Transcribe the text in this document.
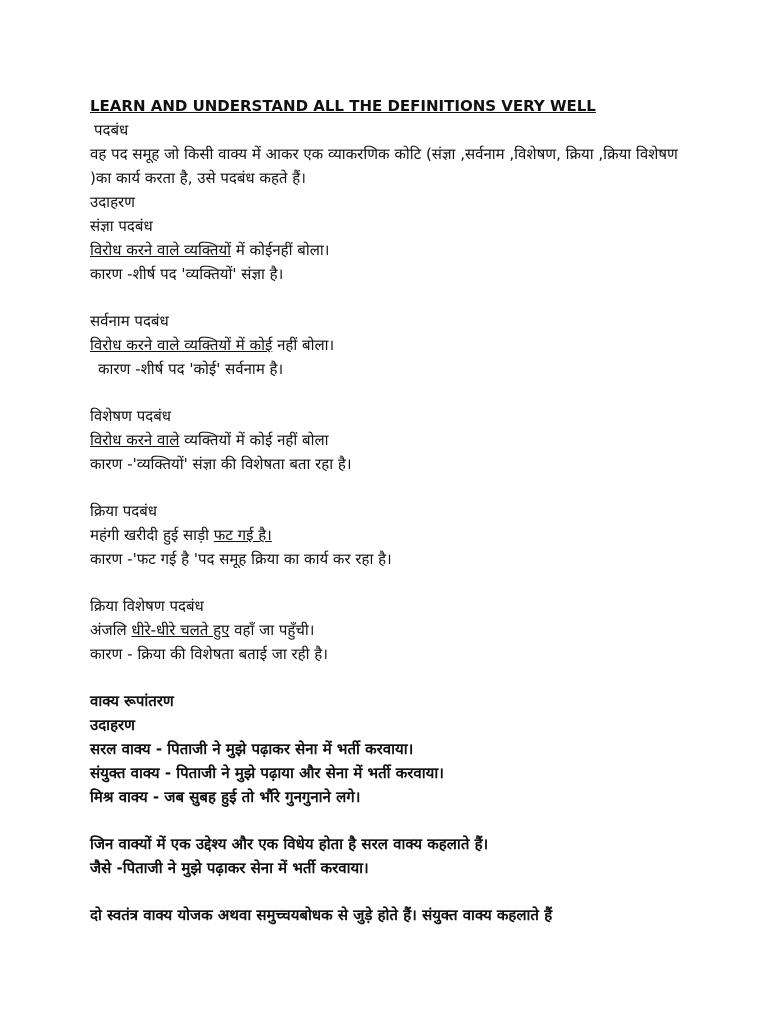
LEARN AND UNDERSTAND ALL THE DEFINITIONS VERY WELL
पदबंध
वह पद समूह जो किसी वाक्य में आकर एक व्याकरणिक कोटि (संज्ञा ,सर्वनाम ,विशेषण, क्रिया ,क्रिया विशेषण )का कार्य करता है, उसे पदबंध कहते हैं।
उदाहरण
संज्ञा पदबंध
विरोध करने वाले व्यक्तियों में कोईनहीं बोला।
कारण -शीर्ष पद 'व्यक्तियों' संज्ञा है।
सर्वनाम पदबंध
विरोध करने वाले व्यक्तियों में कोई नहीं बोला।
कारण -शीर्ष पद 'कोई' सर्वनाम है।
विशेषण पदबंध
विरोध करने वाले व्यक्तियों में कोई नहीं बोला
कारण -'व्यक्तियों' संज्ञा की विशेषता बता रहा है।
क्रिया पदबंध
महंगी खरीदी हुई साड़ी फट गई है।
कारण -'फट गई है 'पद समूह क्रिया का कार्य कर रहा है।
क्रिया विशेषण पदबंध
अंजलि धीरे-धीरे चलते हुए वहाँ जा पहुँची।
कारण - क्रिया की विशेषता बताई जा रही है।
वाक्य रूपांतरण
उदाहरण
सरल वाक्य - पिताजी ने मुझे पढ़ाकर सेना में भर्ती करवाया।
संयुक्त वाक्य - पिताजी ने मुझे पढ़ाया और सेना में भर्ती करवाया।
मिश्र वाक्य - जब सुबह हुई तो भौंरे गुनगुनाने लगे।
जिन वाक्यों में एक उद्देश्य और एक विधेय होता है सरल वाक्य कहलाते हैं।
जैसे -पिताजी ने मुझे पढ़ाकर सेना में भर्ती करवाया।
दो स्वतंत्र वाक्य योजक अथवा समुच्चयबोधक से जुड़े होते हैं। संयुक्त वाक्य कहलाते हैं
